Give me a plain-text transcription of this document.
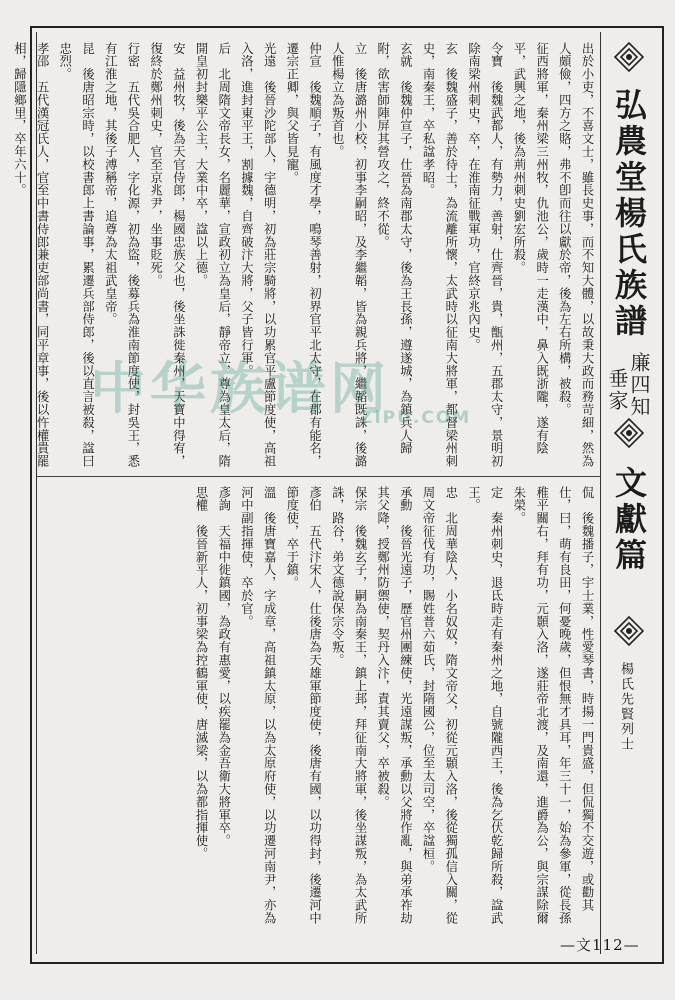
弘農堂楊氏族譜
廉四知
垂家
文獻篇
楊氏先賢列士
—文112—
出於小吏，不喜文士，雖長史事，而不知大體，以故秉大政而務苛細，然為人頗儉，四方之賂，弗不卽而往以獻於帝，後為左右所構，被殺。
征西將軍，秦州梁三州牧，仇池公，歲時一走漢中，鼻入既浙隴，遂有陰平，武興之地，後為荊州刺史劉宏所殺。
令寶　後魏武都人，有勢力，善射，仕齊晉，貴，甑州，五郡太守，景明初除南梁州刺史，卒，在淮南征戰軍功，官終京兆內史。
玄　後魏盛子，善於待士，為流離所懷，太武時以征南大將軍，都督梁州刺史，南秦王，卒私諡孝昭。
玄就　後魏仲宣子，仕晉為南郡太守，後為王長孫，遵遂城，為鎮兵人歸附，欲害師陣屏其營攻之，終不從。
立　後唐潞州小校，初事李嗣昭，及李繼韜，皆為親兵將，繼韜既誅，後潞人惟楊立為叛首也。
仲宣　後魏順子，有風度才學，鳴琴善射，初界官平北太守，在郡有能名，遷宗正卿，與父皆見寵。
光遠　後晉沙陀部人，宇德明，初為莊宗騎將，以功累官平盧節度使，高祖入洛，進封東平王，割據魏，自齊破汴大將，父子皆行軍。
后　北周隋文帝長女，名麗華，宣政初立為皇后，靜帝立，尊為皇太后，隋開皇初封樂平公主，大業中卒，諡以上德。
安　益州牧，後為天官侍郎，楊國忠族父也，後坐誅徙秦州，天寶中得宥，復終於鄭州刺史，官至京兆尹，坐事貶死。
行密　五代吳合肥人，字化源，初為盜，後募兵為淮南節度使，封吳王，悉有江淮之地，其後子溥稱帝，追尊為太祖武皇帝。
昆　後唐昭宗時，以校書郎上書論事，累遷兵部侍郎，後以直言被殺，諡曰忠烈。
孝邵　五代漢冠氏人，官至中書侍郎兼吏部尚書，同平章事，後以忤權貴罷相，歸隱鄉里，卒年六十。
侃　後魏播子，宇士業，性愛琴書，時揚一門貴盛，但侃獨不交遊，或勸其仕，曰，萌有良田，何憂晚歲，但恨無才具耳，年三十一，始為參軍，從長孫稚平關右，拜有功，元顥入洛，遂莊帝北渡，及南還，進爵為公，與宗謀除爾朱榮。
定　秦州刺史，退氐時走有秦州之地，自號隴西王，後為乞伏乾歸所殺，諡武王。
忠　北周華陰人，小名奴奴，隋文帝父，初從元顥入洛，後從獨孤信入關，從周文帝征伐有功，賜姓普六茹氏，封隋國公，位至太司空，卒諡桓。
承勳　後晉光遠子，歷官州團練使，光遠謀叛，承勳以父將作亂，與弟承祚劫其父降，授鄭州防禦使，契丹入汴，責其賣父，卒被殺。
保宗　後魏玄子，嗣為南秦王，鎮上邽，拜征南大將軍，後坐謀叛，為太武所誅，路谷，弟文德說保宗令叛。
彥伯　五代汴宋人，仕後唐為天雄軍節度使，後唐有國，以功得封，後遷河中節度使，卒于鎮。
溫　後唐寶嘉人，字成章，高祖鎮太原，以為太原府使，以功遷河南尹，亦為河中副指揮使，卒於官。
彥詢　天福中徙鎮國，為政有惠愛，以疾罷為金吾衛大將軍卒。
思權　後晉新平人，初事梁為控鶴軍使，唐滅梁，以為都指揮使。
中华族谱网
ZIPU.COM
